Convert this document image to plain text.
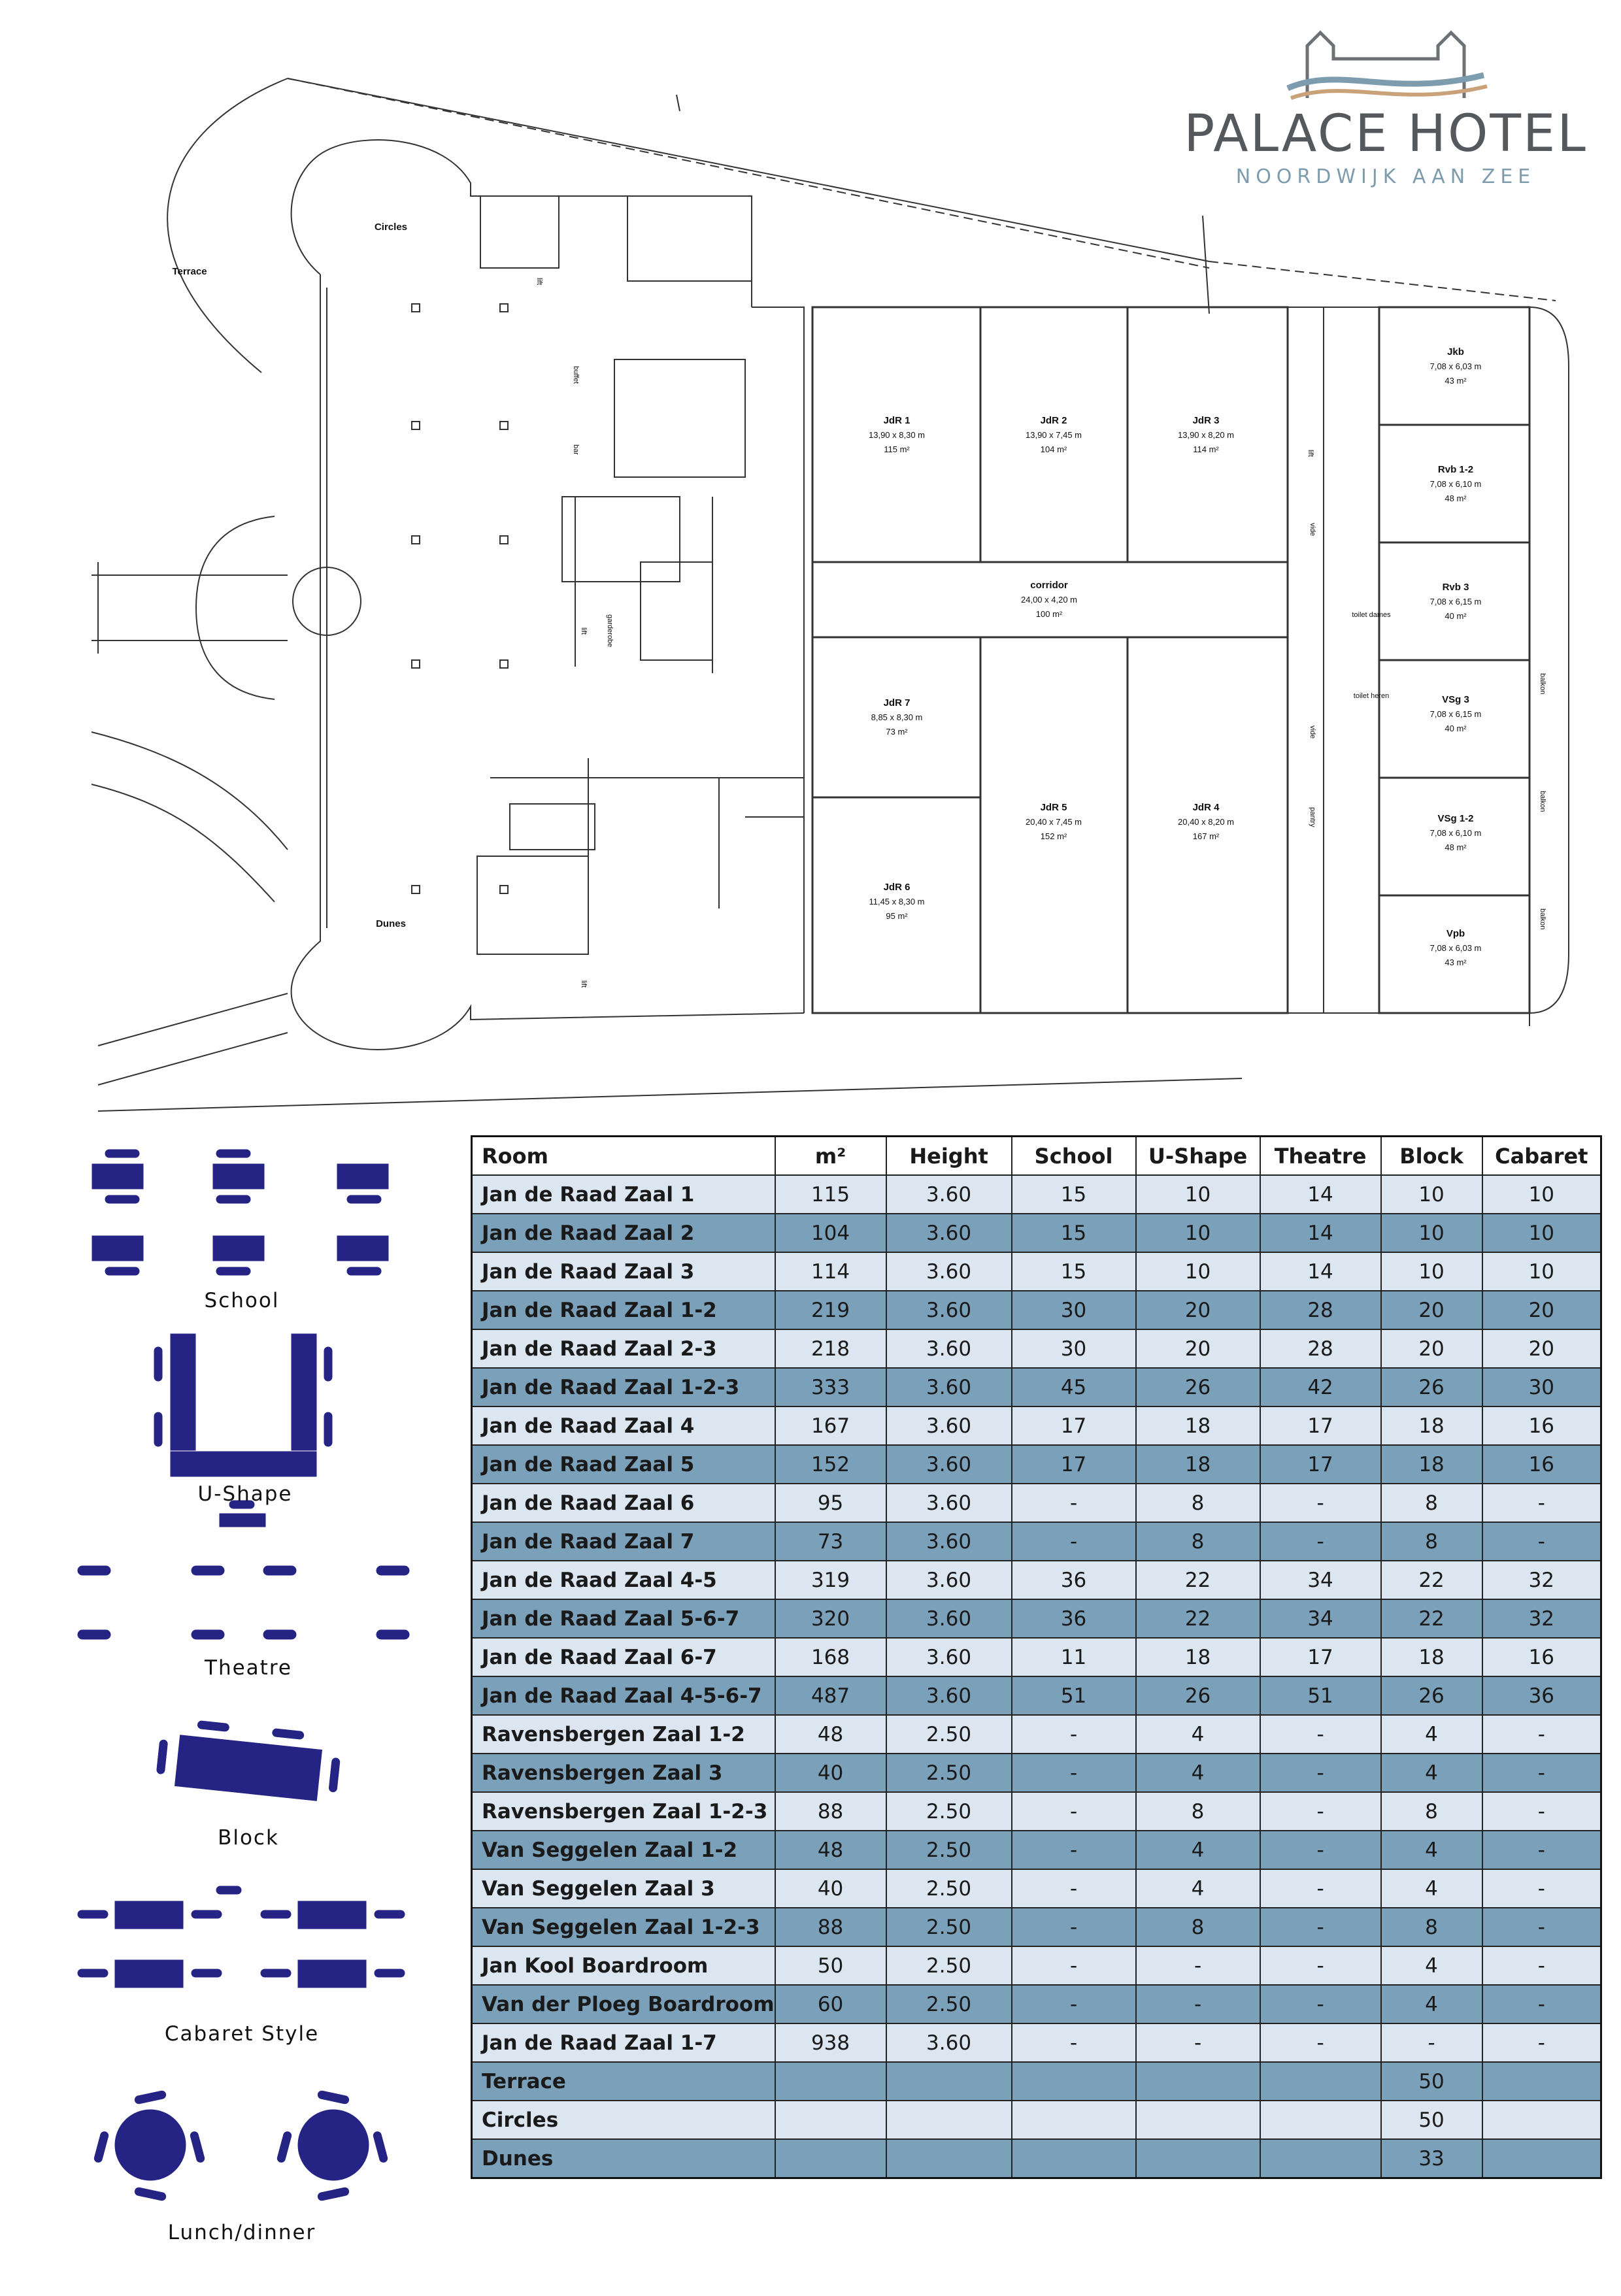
PALACE HOTEL
NOORDWIJK AAN ZEE
Terrace
Circles
Dunes
buffet
bar
lift
lift	garderobe
lift
lift
vide
vide
pantry
toilet dames
toilet heren
balkon
balkon
balkon
JdR 1
13,90 x 8,30 m
115 m²
JdR 2
13,90 x 7,45 m
104 m²
JdR 3
13,90 x 8,20 m
114 m²
corridor
24,00 x 4,20 m
100 m²
JdR 7
8,85 x 8,30 m
73 m²
JdR 6
11,45 x 8,30 m
95 m²
JdR 5
20,40 x 7,45 m
152 m²
JdR 4
20,40 x 8,20 m
167 m²
Jkb
7,08 x 6,03 m
43 m²
Rvb 1-2
7,08 x 6,10 m
48 m²
Rvb 3
7,08 x 6,15 m
40 m²
VSg 3
7,08 x 6,15 m
40 m²
VSg 1-2
7,08 x 6,10 m
48 m²
Vpb
7,08 x 6,03 m
43 m²
School
U-Shape
Theatre
Block
Cabaret Style
Lunch/dinner
Room	m²	Height	School	U-Shape	Theatre	Block	Cabaret
Jan de Raad Zaal 1	115	3.60	15	10	14	10	10
Jan de Raad Zaal 2	104	3.60	15	10	14	10	10
Jan de Raad Zaal 3	114	3.60	15	10	14	10	10
Jan de Raad Zaal 1-2	219	3.60	30	20	28	20	20
Jan de Raad Zaal 2-3	218	3.60	30	20	28	20	20
Jan de Raad Zaal 1-2-3	333	3.60	45	26	42	26	30
Jan de Raad Zaal 4	167	3.60	17	18	17	18	16
Jan de Raad Zaal 5	152	3.60	17	18	17	18	16
Jan de Raad Zaal 6	95	3.60	-	8	-	8	-
Jan de Raad Zaal 7	73	3.60	-	8	-	8	-
Jan de Raad Zaal 4-5	319	3.60	36	22	34	22	32
Jan de Raad Zaal 5-6-7	320	3.60	36	22	34	22	32
Jan de Raad Zaal 6-7	168	3.60	11	18	17	18	16
Jan de Raad Zaal 4-5-6-7	487	3.60	51	26	51	26	36
Ravensbergen Zaal 1-2	48	2.50	-	4	-	4	-
Ravensbergen Zaal 3	40	2.50	-	4	-	4	-
Ravensbergen Zaal 1-2-3	88	2.50	-	8	-	8	-
Van Seggelen Zaal 1-2	48	2.50	-	4	-	4	-
Van Seggelen Zaal 3	40	2.50	-	4	-	4	-
Van Seggelen Zaal 1-2-3	88	2.50	-	8	-	8	-
Jan Kool Boardroom	50	2.50	-	-	-	4	-
Van der Ploeg Boardroom	60	2.50	-	-	-	4	-
Jan de Raad Zaal 1-7	938	3.60	-	-	-	-	-
Terrace						50	
Circles						50	
Dunes						33	
